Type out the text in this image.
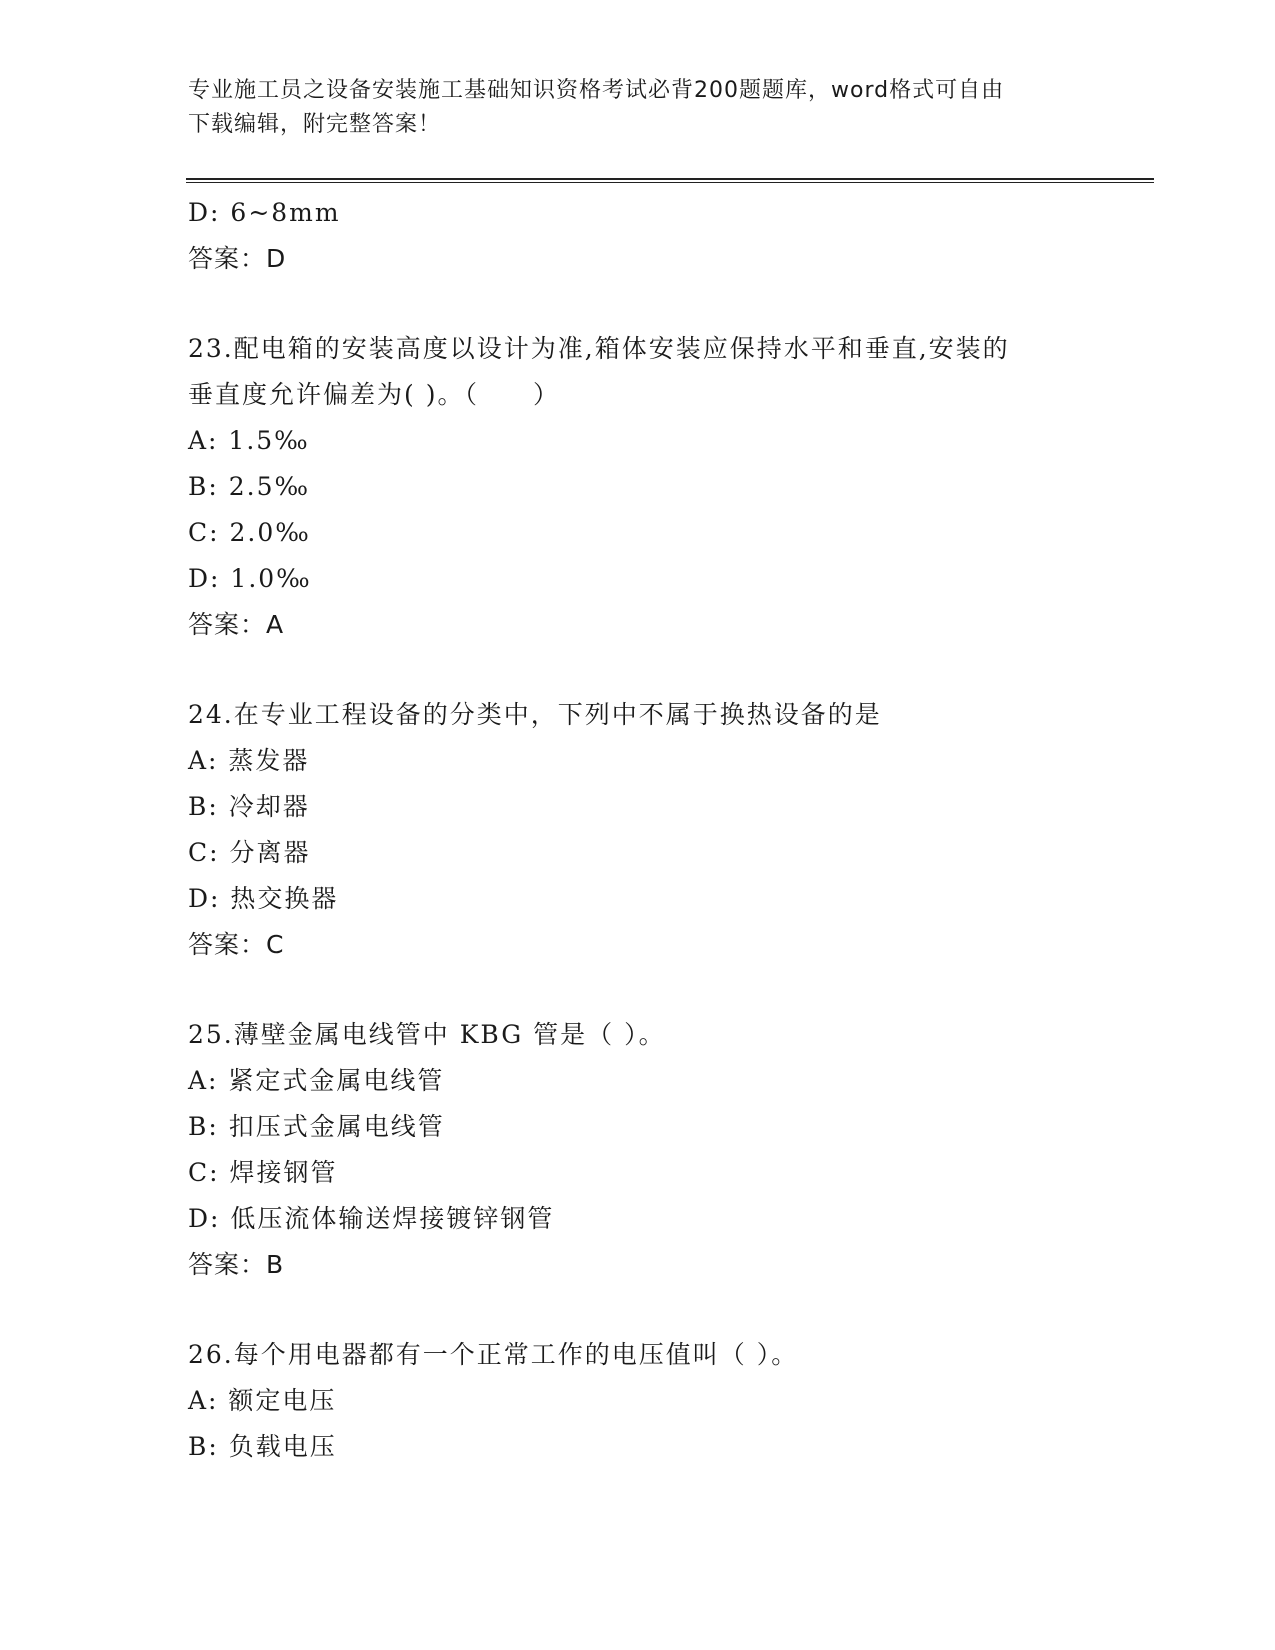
专业施工员之设备安装施工基础知识资格考试必背200题题库，word格式可自由
下载编辑，附完整答案！
D: 6~8mm
答案：D
23.配电箱的安装高度以设计为准,箱体安装应保持水平和垂直,安装的
垂直度允许偏差为( )。（　　）
A: 1.5‰
B: 2.5‰
C: 2.0‰
D: 1.0‰
答案：A
24.在专业工程设备的分类中，下列中不属于换热设备的是
A: 蒸发器
B: 冷却器
C: 分离器
D: 热交换器
答案：C
25.薄壁金属电线管中 KBG 管是（ ）。
A: 紧定式金属电线管
B: 扣压式金属电线管
C: 焊接钢管
D: 低压流体输送焊接镀锌钢管
答案：B
26.每个用电器都有一个正常工作的电压值叫（ ）。
A: 额定电压
B: 负载电压
